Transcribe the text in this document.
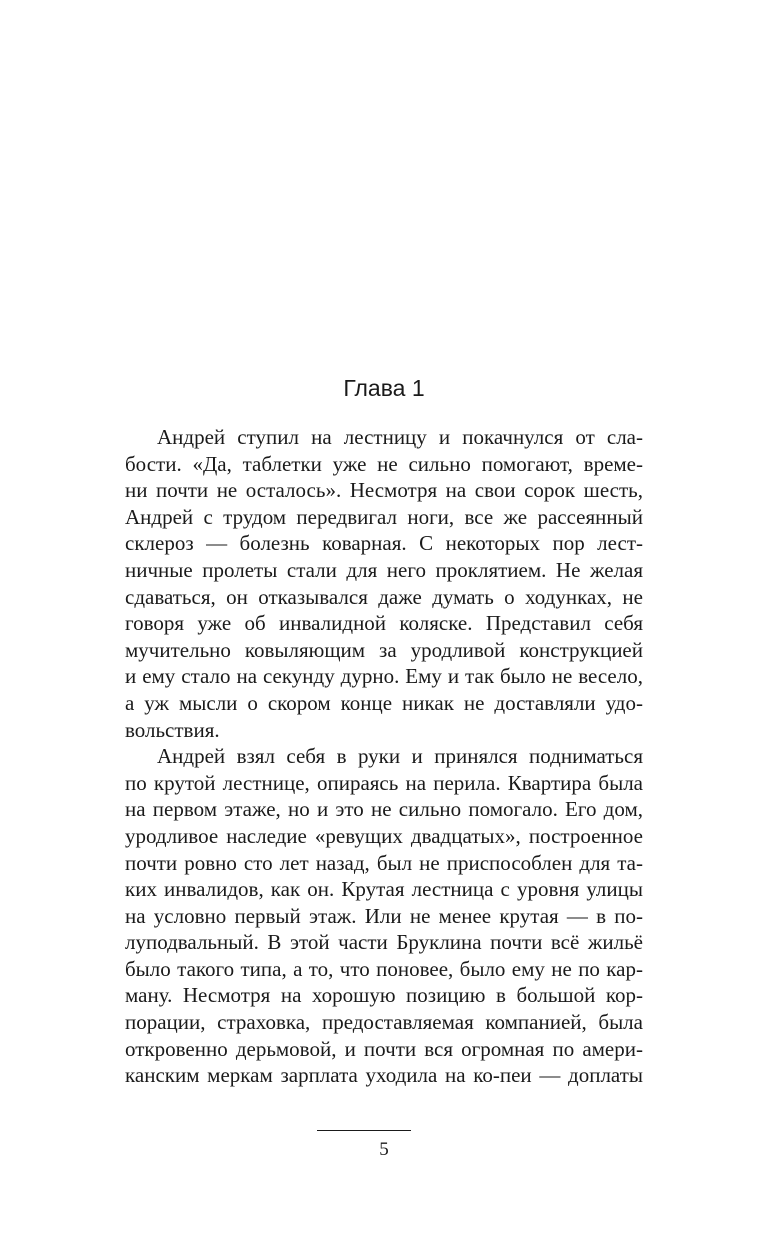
Глава 1
Андрей ступил на лестницу и покачнулся от сла-
бости. «Да, таблетки уже не сильно помогают, време-
ни почти не осталось». Несмотря на свои сорок шесть,
Андрей с трудом передвигал ноги, все же рассеянный
склероз — болезнь коварная. С некоторых пор лест-
ничные пролеты стали для него проклятием. Не желая
сдаваться, он отказывался даже думать о ходунках, не
говоря уже об инвалидной коляске. Представил себя
мучительно ковыляющим за уродливой конструкцией
и ему стало на секунду дурно. Ему и так было не весело,
а уж мысли о скором конце никак не доставляли удо-
вольствия.
Андрей взял себя в руки и принялся подниматься
по крутой лестнице, опираясь на перила. Квартира была
на первом этаже, но и это не сильно помогало. Его дом,
уродливое наследие «ревущих двадцатых», построенное
почти ровно сто лет назад, был не приспособлен для та-
ких инвалидов, как он. Крутая лестница с уровня улицы
на условно первый этаж. Или не менее крутая — в по-
луподвальный. В этой части Бруклина почти всё жильё
было такого типа, а то, что поновее, было ему не по кар-
ману. Несмотря на хорошую позицию в большой кор-
порации, страховка, предоставляемая компанией, была
откровенно дерьмовой, и почти вся огромная по амери-
канским меркам зарплата уходила на ко-пеи — доплаты
5
